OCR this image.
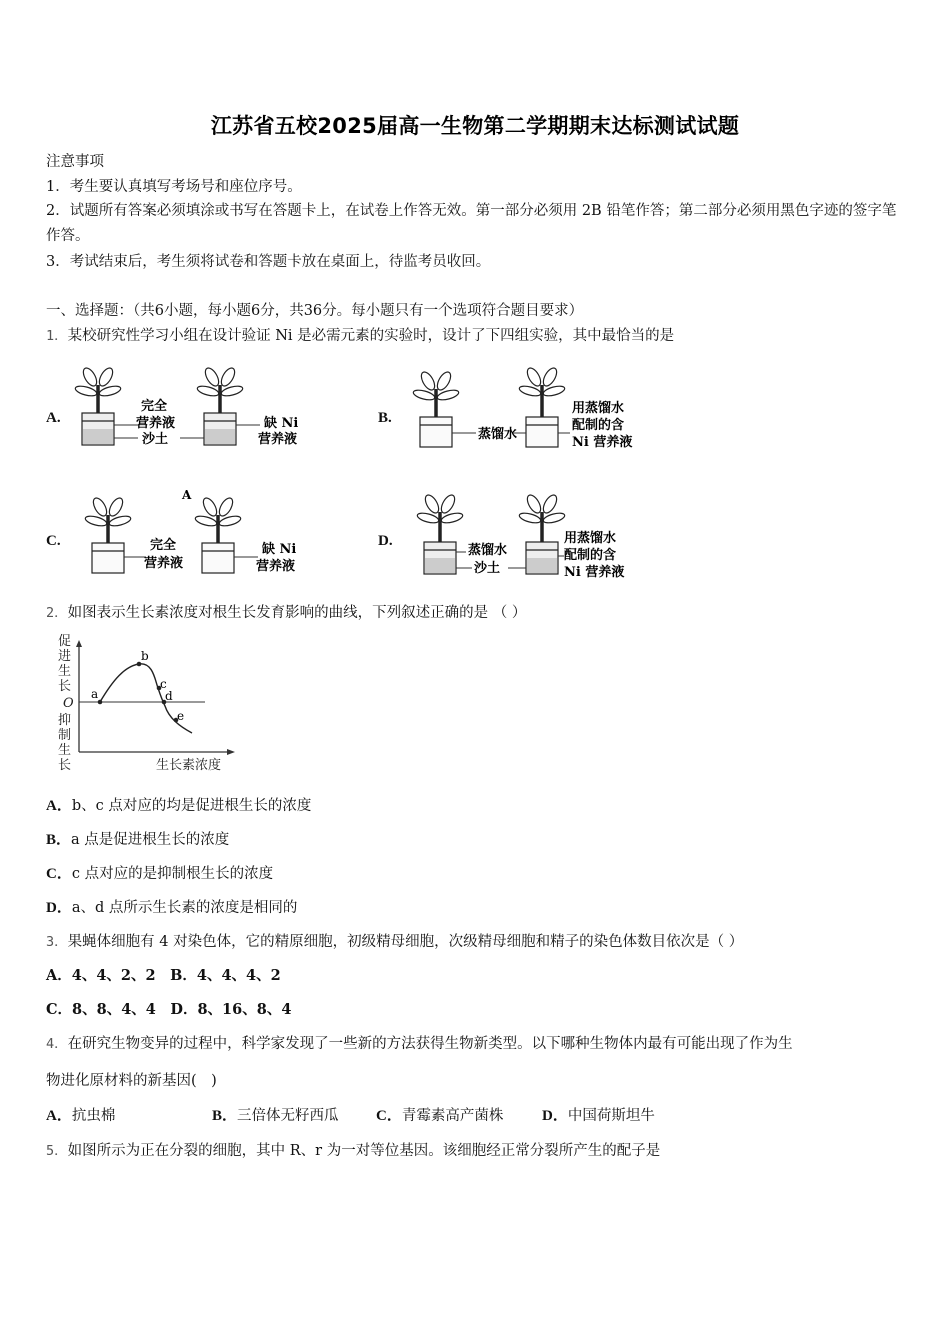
江苏省五校2025届高一生物第二学期期末达标测试试题
注意事项
1．考生要认真填写考场号和座位序号。
2．试题所有答案必须填涂或书写在答题卡上，在试卷上作答无效。第一部分必须用 2B 铅笔作答；第二部分必须用黑色字迹的签字笔作答。
3．考试结束后，考生须将试卷和答题卡放在桌面上，待监考员收回。
一、选择题：（共6小题，每小题6分，共36分。每小题只有一个选项符合题目要求）
1．某校研究性学习小组在设计验证 Ni 是必需元素的实验时，设计了下四组实验，其中最恰当的是
A.
完全
营养液
沙土
缺 Ni
营养液
B.
蒸馏水
用蒸馏水
配制的含
Ni 营养液
C.
A
完全
营养液
缺 Ni
营养液
D.
蒸馏水
沙土
用蒸馏水
配制的含
Ni 营养液
2．如图表示生长素浓度对根生长发育影响的曲线，下列叙述正确的是 （ ）
促
进
生
长
O
抑
制
生
长
a
b
c
d
e
生长素浓度
A．b、c 点对应的均是促进根生长的浓度
B．a 点是促进根生长的浓度
C．c 点对应的是抑制根生长的浓度
D．a、d 点所示生长素的浓度是相同的
3．果蝇体细胞有 4 对染色体，它的精原细胞，初级精母细胞，次级精母细胞和精子的染色体数目依次是（ ）
A．4、4、2、2　B．4、4、4、2
C．8、8、4、4　D．8、16、8、4
4．在研究生物变异的过程中，科学家发现了一些新的方法获得生物新类型。以下哪种生物体内最有可能出现了作为生
物进化原材料的新基因(　)
A．抗虫棉	B．三倍体无籽西瓜 C．青霉素高产菌株	D．中国荷斯坦牛
5．如图所示为正在分裂的细胞，其中 R、r 为一对等位基因。该细胞经正常分裂所产生的配子是
